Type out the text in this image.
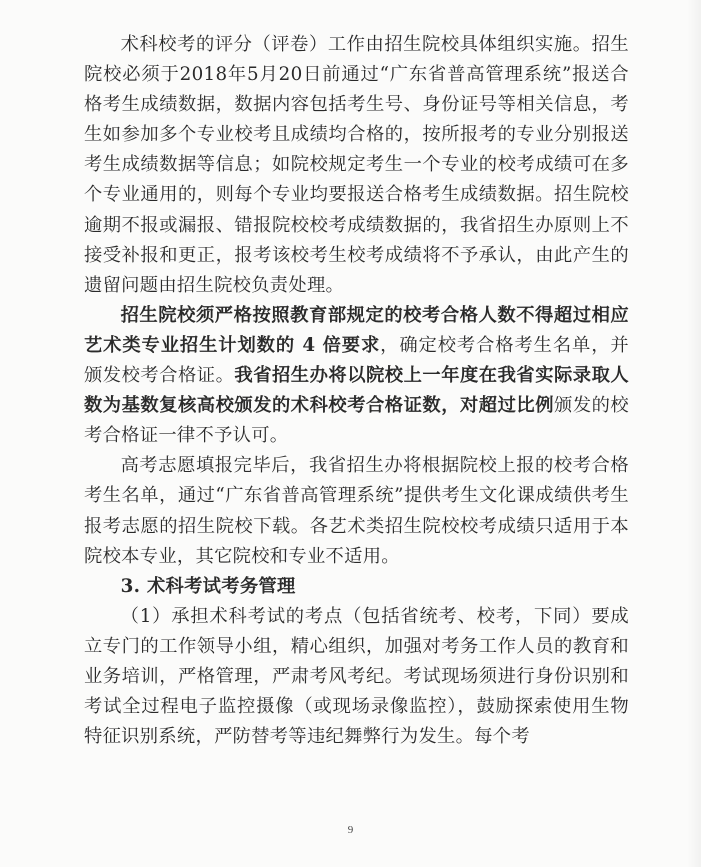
术科校考的评分（评卷）工作由招生院校具体组织实施。招生院校必须于2018年5月20日前通过“广东省普高管理系统”报送合格考生成绩数据，数据内容包括考生号、身份证号等相关信息，考生如参加多个专业校考且成绩均合格的，按所报考的专业分别报送考生成绩数据等信息；如院校规定考生一个专业的校考成绩可在多个专业通用的，则每个专业均要报送合格考生成绩数据。招生院校逾期不报或漏报、错报院校校考成绩数据的，我省招生办原则上不接受补报和更正，报考该校考生校考成绩将不予承认，由此产生的遗留问题由招生院校负责处理。

招生院校须严格按照教育部规定的校考合格人数不得超过相应艺术类专业招生计划数的 4 倍要求，确定校考合格考生名单，并颁发校考合格证。我省招生办将以院校上一年度在我省实际录取人数为基数复核高校颁发的术科校考合格证数，对超过比例颁发的校考合格证一律不予认可。

高考志愿填报完毕后，我省招生办将根据院校上报的校考合格考生名单，通过“广东省普高管理系统”提供考生文化课成绩供考生报考志愿的招生院校下载。各艺术类招生院校校考成绩只适用于本院校本专业，其它院校和专业不适用。

3. 术科考试考务管理

（1）承担术科考试的考点（包括省统考、校考，下同）要成立专门的工作领导小组，精心组织，加强对考务工作人员的教育和业务培训，严格管理，严肃考风考纪。考试现场须进行身份识别和考试全过程电子监控摄像（或现场录像监控），鼓励探索使用生物特征识别系统，严防替考等违纪舞弊行为发生。每个考

9
